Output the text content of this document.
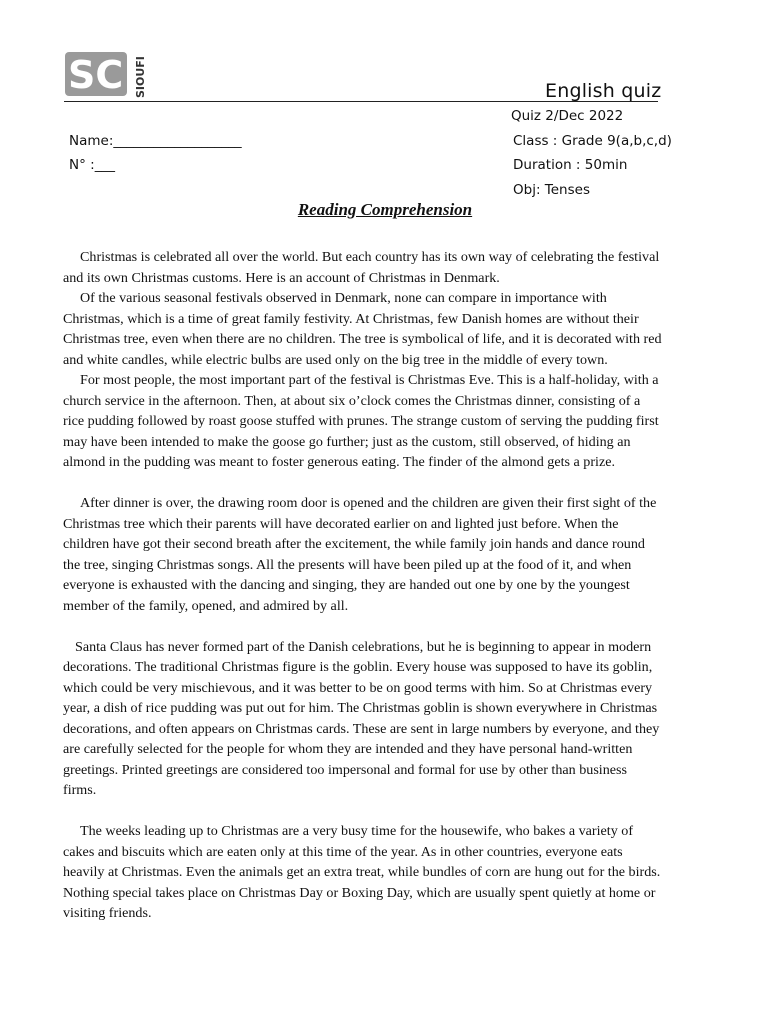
SC SIOUFI	English quiz
Quiz 2/Dec 2022
Class : Grade 9(a,b,c,d)
Duration : 50min
Obj: Tenses
Name:___________________
N° :___
Reading Comprehension

Christmas is celebrated all over the world. But each country has its own way of celebrating the festival and its own Christmas customs. Here is an account of Christmas in Denmark.

Of the various seasonal festivals observed in Denmark, none can compare in importance with Christmas, which is a time of great family festivity. At Christmas, few Danish homes are without their Christmas tree, even when there are no children. The tree is symbolical of life, and it is decorated with red and white candles, while electric bulbs are used only on the big tree in the middle of every town.

For most people, the most important part of the festival is Christmas Eve. This is a half-holiday, with a church service in the afternoon. Then, at about six o’clock comes the Christmas dinner, consisting of a rice pudding followed by roast goose stuffed with prunes. The strange custom of serving the pudding first may have been intended to make the goose go further; just as the custom, still observed, of hiding an almond in the pudding was meant to foster generous eating. The finder of the almond gets a prize.

After dinner is over, the drawing room door is opened and the children are given their first sight of the Christmas tree which their parents will have decorated earlier on and lighted just before. When the children have got their second breath after the excitement, the while family join hands and dance round the tree, singing Christmas songs. All the presents will have been piled up at the food of it, and when everyone is exhausted with the dancing and singing, they are handed out one by one by the youngest member of the family, opened, and admired by all.

Santa Claus has never formed part of the Danish celebrations, but he is beginning to appear in modern decorations. The traditional Christmas figure is the goblin. Every house was supposed to have its goblin, which could be very mischievous, and it was better to be on good terms with him. So at Christmas every year, a dish of rice pudding was put out for him. The Christmas goblin is shown everywhere in Christmas decorations, and often appears on Christmas cards. These are sent in large numbers by everyone, and they are carefully selected for the people for whom they are intended and they have personal hand-written greetings. Printed greetings are considered too impersonal and formal for use by other than business firms.

The weeks leading up to Christmas are a very busy time for the housewife, who bakes a variety of cakes and biscuits which are eaten only at this time of the year. As in other countries, everyone eats heavily at Christmas. Even the animals get an extra treat, while bundles of corn are hung out for the birds. Nothing special takes place on Christmas Day or Boxing Day, which are usually spent quietly at home or visiting friends.
